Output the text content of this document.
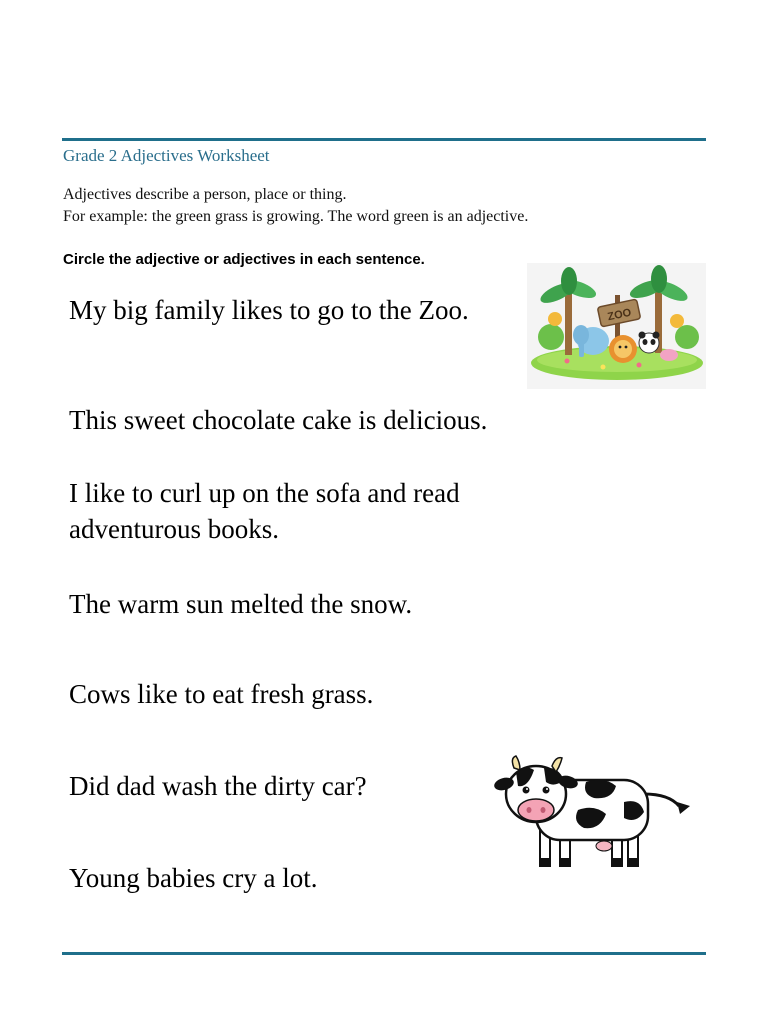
Grade 2 Adjectives Worksheet
Adjectives describe a person, place or thing.
For example: the green grass is growing. The word green is an adjective.
Circle the adjective or adjectives in each sentence.
My big family likes to go to the Zoo.
This sweet chocolate cake is delicious.
I like to curl up on the sofa and read adventurous books.
The warm sun melted the snow.
Cows like to eat fresh grass.
Did dad wash the dirty car?
Young babies cry a lot.
ZOO
